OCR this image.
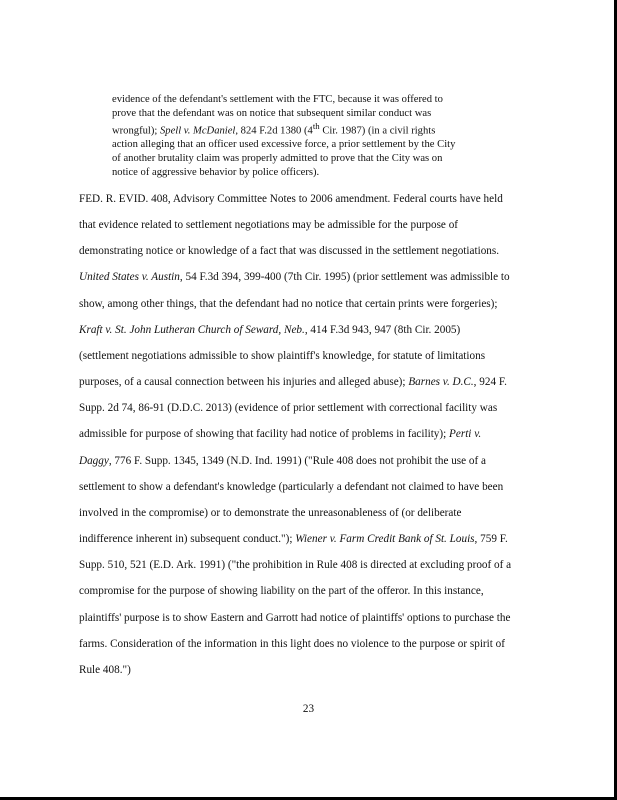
evidence of the defendant's settlement with the FTC, because it was offered to
prove that the defendant was on notice that subsequent similar conduct was
wrongful); Spell v. McDaniel, 824 F.2d 1380 (4th Cir. 1987) (in a civil rights
action alleging that an officer used excessive force, a prior settlement by the City
of another brutality claim was properly admitted to prove that the City was on
notice of aggressive behavior by police officers).
FED. R. EVID. 408, Advisory Committee Notes to 2006 amendment. Federal courts have held
that evidence related to settlement negotiations may be admissible for the purpose of
demonstrating notice or knowledge of a fact that was discussed in the settlement negotiations.
United States v. Austin, 54 F.3d 394, 399-400 (7th Cir. 1995) (prior settlement was admissible to
show, among other things, that the defendant had no notice that certain prints were forgeries);
Kraft v. St. John Lutheran Church of Seward, Neb., 414 F.3d 943, 947 (8th Cir. 2005)
(settlement negotiations admissible to show plaintiff's knowledge, for statute of limitations
purposes, of a causal connection between his injuries and alleged abuse); Barnes v. D.C., 924 F.
Supp. 2d 74, 86-91 (D.D.C. 2013) (evidence of prior settlement with correctional facility was
admissible for purpose of showing that facility had notice of problems in facility); Perti v.
Daggy, 776 F. Supp. 1345, 1349 (N.D. Ind. 1991) ("Rule 408 does not prohibit the use of a
settlement to show a defendant's knowledge (particularly a defendant not claimed to have been
involved in the compromise) or to demonstrate the unreasonableness of (or deliberate
indifference inherent in) subsequent conduct."); Wiener v. Farm Credit Bank of St. Louis, 759 F.
Supp. 510, 521 (E.D. Ark. 1991) ("the prohibition in Rule 408 is directed at excluding proof of a
compromise for the purpose of showing liability on the part of the offeror. In this instance,
plaintiffs' purpose is to show Eastern and Garrott had notice of plaintiffs' options to purchase the
farms. Consideration of the information in this light does no violence to the purpose or spirit of
Rule 408.")
23
